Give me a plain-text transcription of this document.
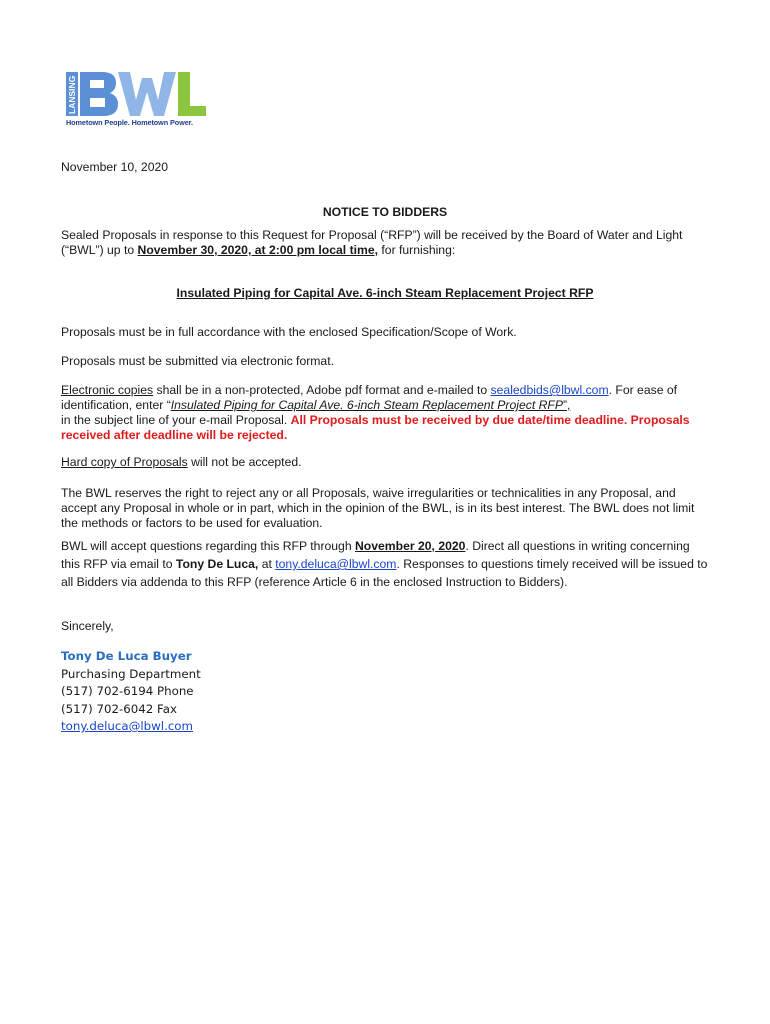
LANSING
Hometown People. Hometown Power.
November 10, 2020
NOTICE TO BIDDERS
Sealed Proposals in response to this Request for Proposal (“RFP”) will be received by the Board of Water and Light (“BWL”) up to November 30, 2020, at 2:00 pm local time, for furnishing:
Insulated Piping for Capital Ave. 6-inch Steam Replacement Project RFP
Proposals must be in full accordance with the enclosed Specification/Scope of Work.
Proposals must be submitted via electronic format.
Electronic copies shall be in a non-protected, Adobe pdf format and e-mailed to sealedbids@lbwl.com. For ease of identification, enter “Insulated Piping for Capital Ave. 6-inch Steam Replacement Project RFP”,
in the subject line of your e-mail Proposal. All Proposals must be received by due date/time deadline. Proposals received after deadline will be rejected.
Hard copy of Proposals will not be accepted.
The BWL reserves the right to reject any or all Proposals, waive irregularities or technicalities in any Proposal, and accept any Proposal in whole or in part, which in the opinion of the BWL, is in its best interest. The BWL does not limit the methods or factors to be used for evaluation.
BWL will accept questions regarding this RFP through November 20, 2020. Direct all questions in writing concerning this RFP via email to Tony De Luca, at tony.deluca@lbwl.com. Responses to questions timely received will be issued to all Bidders via addenda to this RFP (reference Article 6 in the enclosed Instruction to Bidders).
Sincerely,
Tony De Luca Buyer
Purchasing Department
(517) 702-6194 Phone
(517) 702-6042 Fax
tony.deluca@lbwl.com
